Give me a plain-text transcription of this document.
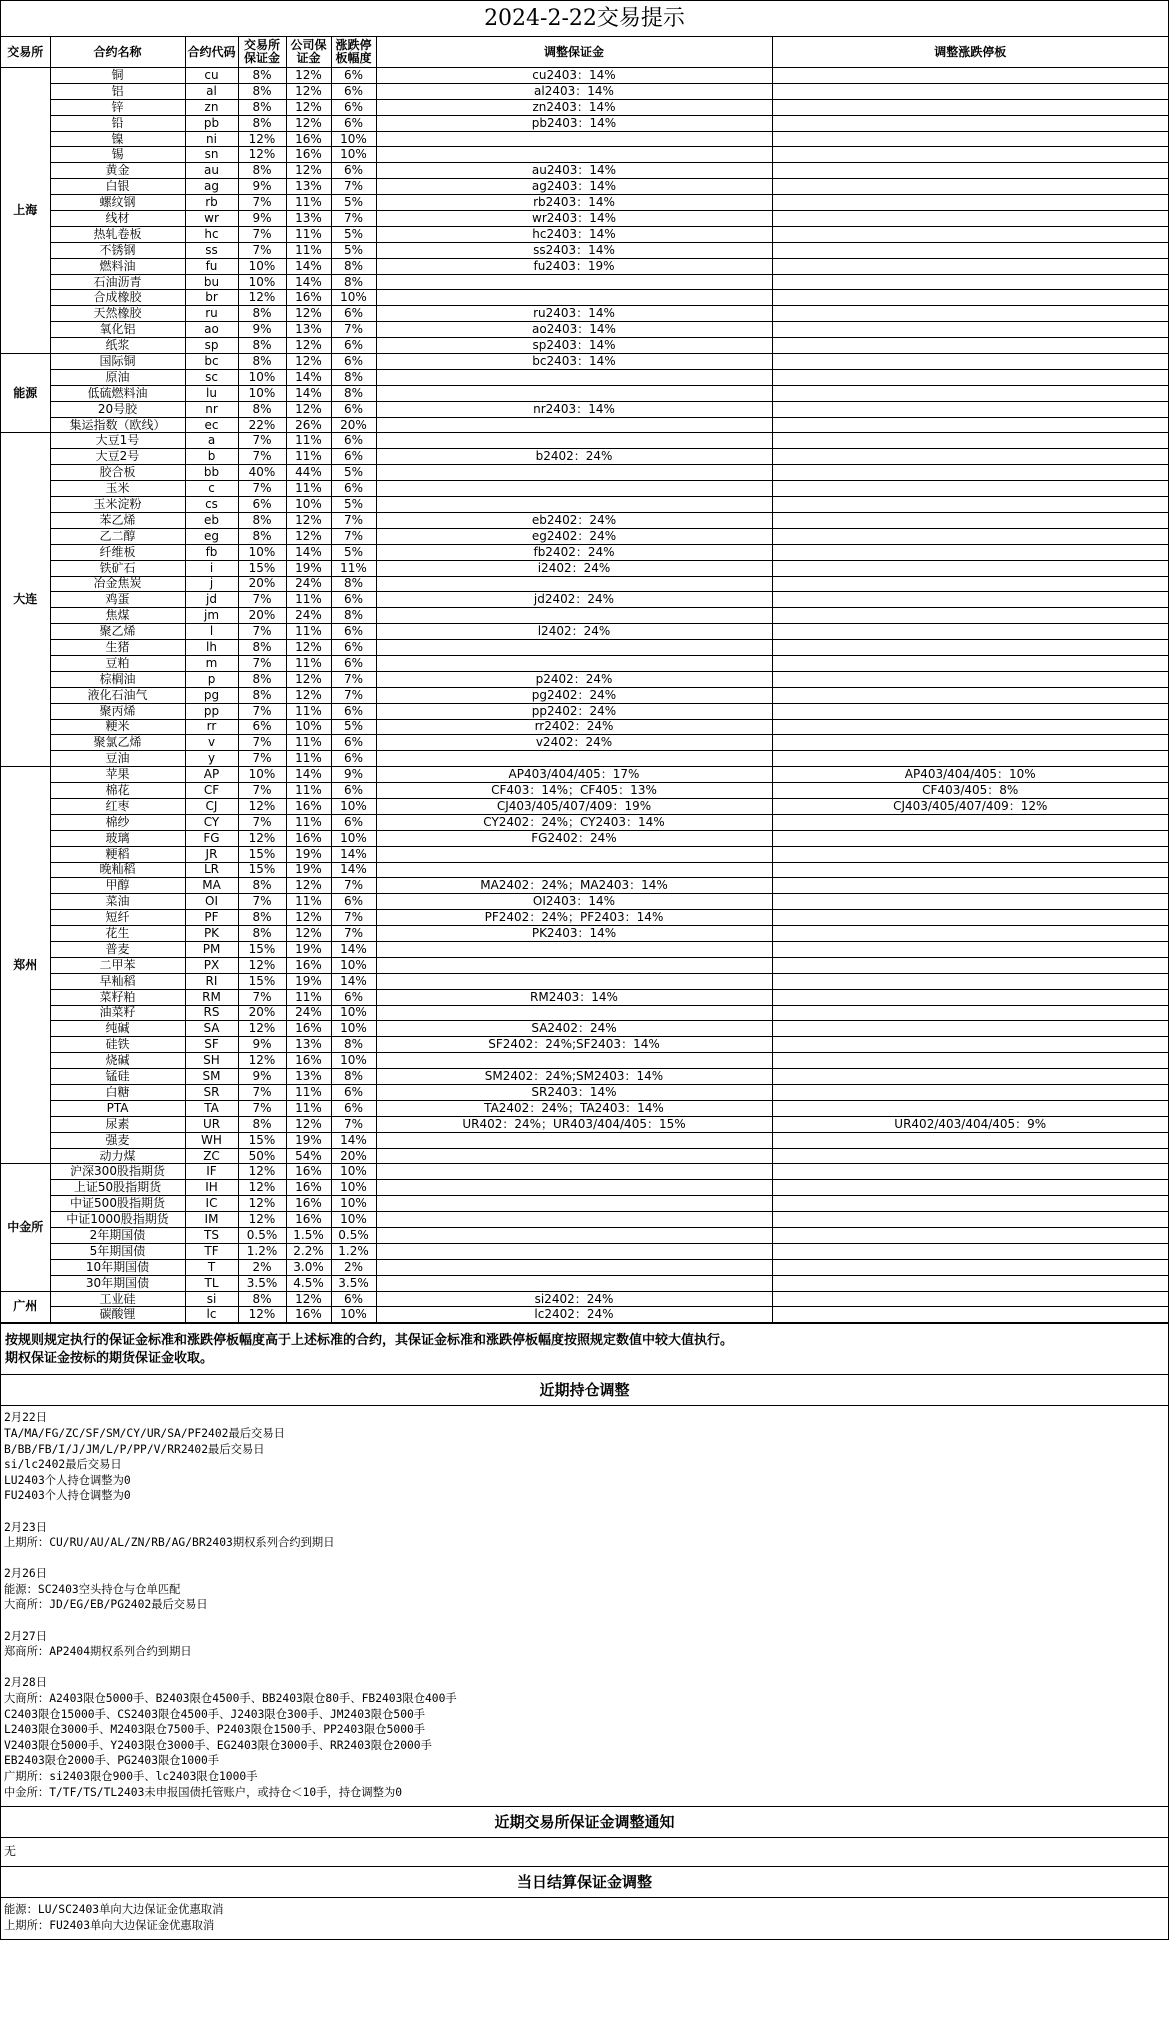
2024-2-22交易提示
交易所	合约名称	合约代码	交易所保证金	公司保证金	涨跌停板幅度	调整保证金	调整涨跌停板
上海	铜	cu	8%	12%	6%	cu2403：14%	
	铝	al	8%	12%	6%	al2403：14%	
	锌	zn	8%	12%	6%	zn2403：14%	
	铅	pb	8%	12%	6%	pb2403：14%	
	镍	ni	12%	16%	10%		
	锡	sn	12%	16%	10%		
	黄金	au	8%	12%	6%	au2403：14%	
	白银	ag	9%	13%	7%	ag2403：14%	
	螺纹钢	rb	7%	11%	5%	rb2403：14%	
	线材	wr	9%	13%	7%	wr2403：14%	
	热轧卷板	hc	7%	11%	5%	hc2403：14%	
	不锈钢	ss	7%	11%	5%	ss2403：14%	
	燃料油	fu	10%	14%	8%	fu2403：19%	
	石油沥青	bu	10%	14%	8%		
	合成橡胶	br	12%	16%	10%		
	天然橡胶	ru	8%	12%	6%	ru2403：14%	
	氧化铝	ao	9%	13%	7%	ao2403：14%	
	纸浆	sp	8%	12%	6%	sp2403：14%	
能源	国际铜	bc	8%	12%	6%	bc2403：14%	
	原油	sc	10%	14%	8%		
	低硫燃料油	lu	10%	14%	8%		
	20号胶	nr	8%	12%	6%	nr2403：14%	
	集运指数（欧线）	ec	22%	26%	20%		
大连	大豆1号	a	7%	11%	6%		
	大豆2号	b	7%	11%	6%	b2402：24%	
	胶合板	bb	40%	44%	5%		
	玉米	c	7%	11%	6%		
	玉米淀粉	cs	6%	10%	5%		
	苯乙烯	eb	8%	12%	7%	eb2402：24%	
	乙二醇	eg	8%	12%	7%	eg2402：24%	
	纤维板	fb	10%	14%	5%	fb2402：24%	
	铁矿石	i	15%	19%	11%	i2402：24%	
	冶金焦炭	j	20%	24%	8%		
	鸡蛋	jd	7%	11%	6%	jd2402：24%	
	焦煤	jm	20%	24%	8%		
	聚乙烯	l	7%	11%	6%	l2402：24%	
	生猪	lh	8%	12%	6%		
	豆粕	m	7%	11%	6%		
	棕榈油	p	8%	12%	7%	p2402：24%	
	液化石油气	pg	8%	12%	7%	pg2402：24%	
	聚丙烯	pp	7%	11%	6%	pp2402：24%	
	粳米	rr	6%	10%	5%	rr2402：24%	
	聚氯乙烯	v	7%	11%	6%	v2402：24%	
	豆油	y	7%	11%	6%		
郑州	苹果	AP	10%	14%	9%	AP403/404/405：17%	AP403/404/405：10%
	棉花	CF	7%	11%	6%	CF403：14%；CF405：13%	CF403/405：8%
	红枣	CJ	12%	16%	10%	CJ403/405/407/409：19%	CJ403/405/407/409：12%
	棉纱	CY	7%	11%	6%	CY2402：24%；CY2403：14%	
	玻璃	FG	12%	16%	10%	FG2402：24%	
	粳稻	JR	15%	19%	14%		
	晚籼稻	LR	15%	19%	14%		
	甲醇	MA	8%	12%	7%	MA2402：24%；MA2403：14%	
	菜油	OI	7%	11%	6%	OI2403：14%	
	短纤	PF	8%	12%	7%	PF2402：24%；PF2403：14%	
	花生	PK	8%	12%	7%	PK2403：14%	
	普麦	PM	15%	19%	14%		
	二甲苯	PX	12%	16%	10%		
	早籼稻	RI	15%	19%	14%		
	菜籽粕	RM	7%	11%	6%	RM2403：14%	
	油菜籽	RS	20%	24%	10%		
	纯碱	SA	12%	16%	10%	SA2402：24%	
	硅铁	SF	9%	13%	8%	SF2402：24%;SF2403：14%	
	烧碱	SH	12%	16%	10%		
	锰硅	SM	9%	13%	8%	SM2402：24%;SM2403：14%	
	白糖	SR	7%	11%	6%	SR2403：14%	
	PTA	TA	7%	11%	6%	TA2402：24%；TA2403：14%	
	尿素	UR	8%	12%	7%	UR402：24%；UR403/404/405：15%	UR402/403/404/405：9%
	强麦	WH	15%	19%	14%		
	动力煤	ZC	50%	54%	20%		
中金所	沪深300股指期货	IF	12%	16%	10%		
	上证50股指期货	IH	12%	16%	10%		
	中证500股指期货	IC	12%	16%	10%		
	中证1000股指期货	IM	12%	16%	10%		
	2年期国债	TS	0.5%	1.5%	0.5%		
	5年期国债	TF	1.2%	2.2%	1.2%		
	10年期国债	T	2%	3.0%	2%		
	30年期国债	TL	3.5%	4.5%	3.5%		
广州	工业硅	si	8%	12%	6%	si2402：24%	
	碳酸锂	lc	12%	16%	10%	lc2402：24%	
按规则规定执行的保证金标准和涨跌停板幅度高于上述标准的合约，其保证金标准和涨跌停板幅度按照规定数值中较大值执行。
期权保证金按标的期货保证金收取。
近期持仓调整
2月22日
TA/MA/FG/ZC/SF/SM/CY/UR/SA/PF2402最后交易日
B/BB/FB/I/J/JM/L/P/PP/V/RR2402最后交易日
si/lc2402最后交易日
LU2403个人持仓调整为0
FU2403个人持仓调整为0
2月23日
上期所：CU/RU/AU/AL/ZN/RB/AG/BR2403期权系列合约到期日
2月26日
能源：SC2403空头持仓与仓单匹配
大商所：JD/EG/EB/PG2402最后交易日
2月27日
郑商所：AP2404期权系列合约到期日
2月28日
大商所：A2403限仓5000手、B2403限仓4500手、BB2403限仓80手、FB2403限仓400手
C2403限仓15000手、CS2403限仓4500手、J2403限仓300手、JM2403限仓500手
L2403限仓3000手、M2403限仓7500手、P2403限仓1500手、PP2403限仓5000手
V2403限仓5000手、Y2403限仓3000手、EG2403限仓3000手、RR2403限仓2000手
EB2403限仓2000手、PG2403限仓1000手
广期所：si2403限仓900手、lc2403限仓1000手
中金所：T/TF/TS/TL2403未申报国债托管账户，或持仓＜10手，持仓调整为0
近期交易所保证金调整通知
无
当日结算保证金调整
能源：LU/SC2403单向大边保证金优惠取消
上期所：FU2403单向大边保证金优惠取消
